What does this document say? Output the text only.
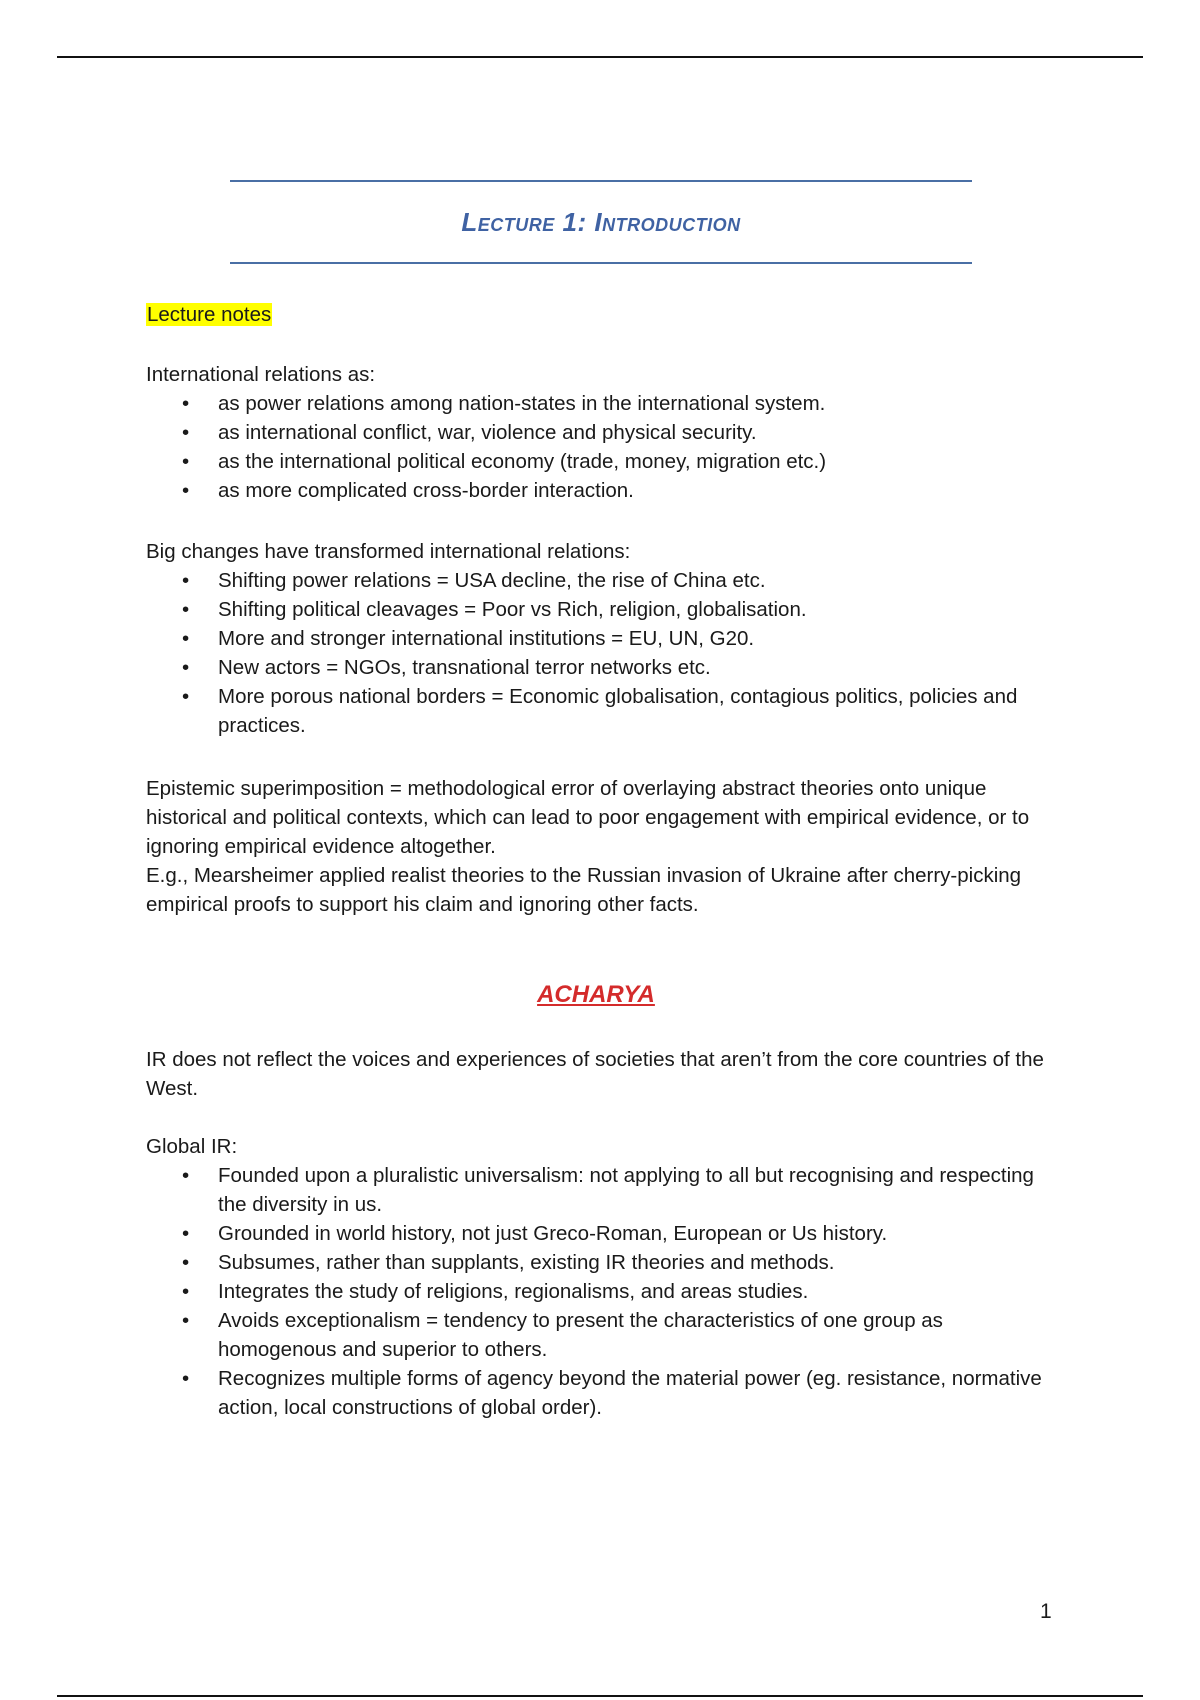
Lecture 1: Introduction
Lecture notes

International relations as:

• as power relations among nation-states in the international system.
• as international conflict, war, violence and physical security.
• as the international political economy (trade, money, migration etc.)
• as more complicated cross-border interaction.

Big changes have transformed international relations:

• Shifting power relations = USA decline, the rise of China etc.
• Shifting political cleavages = Poor vs Rich, religion, globalisation.
• More and stronger international institutions = EU, UN, G20.
• New actors = NGOs, transnational terror networks etc.
• More porous national borders = Economic globalisation, contagious politics, policies and practices.

Epistemic superimposition = methodological error of overlaying abstract theories onto unique historical and political contexts, which can lead to poor engagement with empirical evidence, or to ignoring empirical evidence altogether.

E.g., Mearsheimer applied realist theories to the Russian invasion of Ukraine after cherry-picking empirical proofs to support his claim and ignoring other facts.

ACHARYA

IR does not reflect the voices and experiences of societies that aren’t from the core countries of the West.

Global IR:

• Founded upon a pluralistic universalism: not applying to all but recognising and respecting the diversity in us.
• Grounded in world history, not just Greco-Roman, European or Us history.
• Subsumes, rather than supplants, existing IR theories and methods.
• Integrates the study of religions, regionalisms, and areas studies.
• Avoids exceptionalism = tendency to present the characteristics of one group as homogenous and superior to others.
• Recognizes multiple forms of agency beyond the material power (eg. resistance, normative action, local constructions of global order).
1
